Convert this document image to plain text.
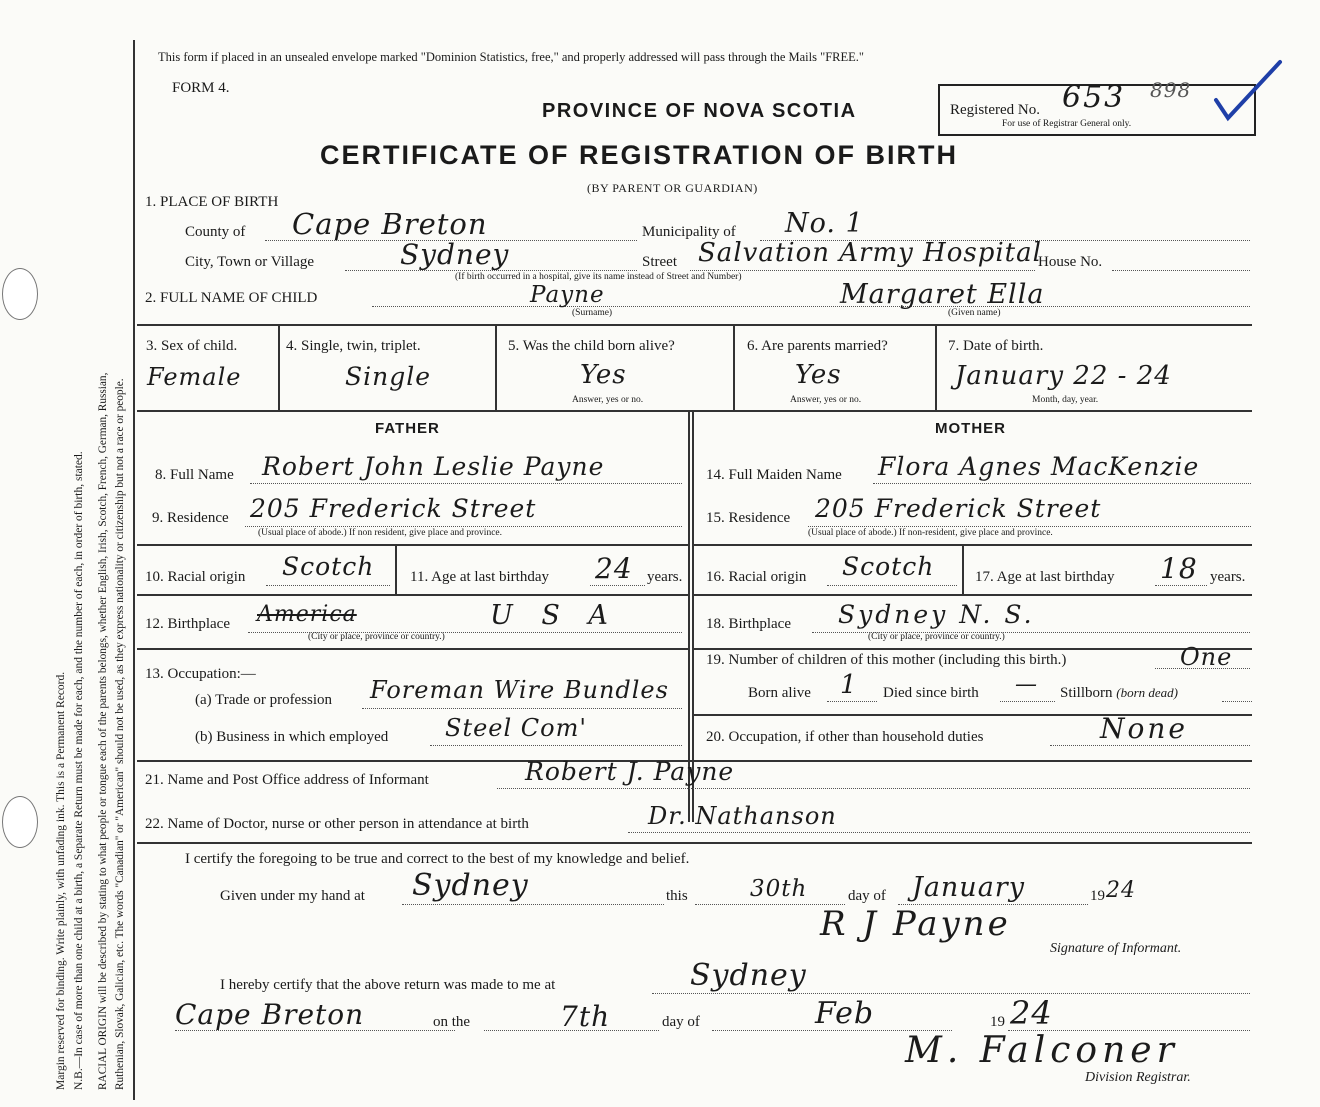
Margin reserved for binding. Write plainly, with unfading ink. This is a Permanent Record. N.B.—In case of more than one child at a birth, a Separate Return must be made for each, and the number of each, in order of birth, stated. RACIAL ORIGIN will be described by stating to what people or tongue each of the parents belongs, whether English, Irish, Scotch, French, German, Russian, Ruthenian, Slovak, Galician, etc. The words "Canadian" or "American" should not be used, as they express nationality or citizenship but not a race or people.
This form if placed in an unsealed envelope marked "Dominion Statistics, free," and properly addressed will pass through the Mails "FREE."
FORM 4.
PROVINCE OF NOVA SCOTIA
CERTIFICATE OF REGISTRATION OF BIRTH
(BY PARENT OR GUARDIAN)
Registered No. 653 898
For use of Registrar General only.
1. PLACE OF BIRTH
County of Cape Breton	Municipality of No. 1
City, Town or Village	Sydney	Street Salvation Army Hospital
House No.
(If birth occurred in a hospital, give its name instead of Street and Number)
2. FULL NAME OF CHILD	Payne	Margaret Ella
(Surname)	(Given name)
3. Sex of child.
Female
4. Single, twin, triplet.
Single
5. Was the child born alive?
Yes
Answer, yes or no.
6. Are parents married?
Yes
Answer, yes or no.
7. Date of birth.
January 22 - 24
Month, day, year.
FATHER	MOTHER
8. Full Name Robert John Leslie Payne	14. Full Maiden Name Flora Agnes MacKenzie
9. Residence 205 Frederick Street
(Usual place of abode.) If non resident, give place and province.
15. Residence 205 Frederick Street
(Usual place of abode.) If non-resident, give place and province.
10. Racial origin Scotch 11. Age at last birthday 24 years. 16. Racial origin Scotch	17. Age at last birthday 18 years.
12. Birthplace America	U S A
(City or place, province or country.)
18. Birthplace Sydney N. S.
(City or place, province or country.)
13. Occupation:—
(a) Trade or profession Foreman Wire Bundles
(b) Business in which employed Steel Com'
19. Number of children of this mother (including this birth.)	One
Born alive 1 Died since birth — Stillborn (born dead)
20. Occupation, if other than household duties	None
21. Name and Post Office address of Informant	Robert J. Payne
22. Name of Doctor, nurse or other person in attendance at birth	Dr. Nathanson
I certify the foregoing to be true and correct to the best of my knowledge and belief.
Given under my hand at Sydney	this	30th	day of January	19 24
R J Payne
Signature of Informant.
I hereby certify that the above return was made to me at	Sydney
Cape Breton	on the	7th	day of	Feb	19 24
M. Falconer
Division Registrar.
